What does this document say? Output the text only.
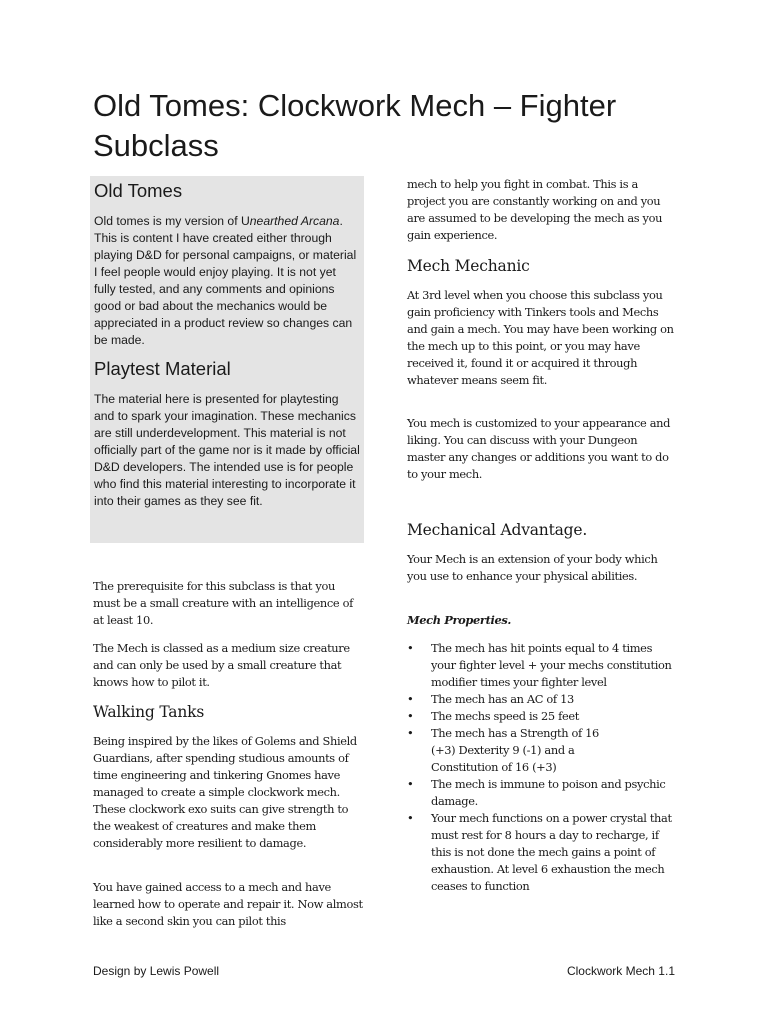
Old Tomes: Clockwork Mech – Fighter Subclass
Old Tomes

Old tomes is my version of Unearthed Arcana. This is content I have created either through playing D&D for personal campaigns, or material I feel people would enjoy playing. It is not yet fully tested, and any comments and opinions good or bad about the mechanics would be appreciated in a product review so changes can be made.

Playtest Material

The material here is presented for playtesting and to spark your imagination. These mechanics are still underdevelopment. This material is not officially part of the game nor is it made by official D&D developers. The intended use is for people who find this material interesting to incorporate it into their games as they see fit.

The prerequisite for this subclass is that you must be a small creature with an intelligence of at least 10.

The Mech is classed as a medium size creature and can only be used by a small creature that knows how to pilot it.

Walking Tanks

Being inspired by the likes of Golems and Shield Guardians, after spending studious amounts of time engineering and tinkering Gnomes have managed to create a simple clockwork mech. These clockwork exo suits can give strength to the weakest of creatures and make them considerably more resilient to damage.

You have gained access to a mech and have learned how to operate and repair it. Now almost like a second skin you can pilot this

mech to help you fight in combat. This is a project you are constantly working on and you are assumed to be developing the mech as you gain experience.

Mech Mechanic

At 3rd level when you choose this subclass you gain proficiency with Tinkers tools and Mechs and gain a mech. You may have been working on the mech up to this point, or you may have received it, found it or acquired it through whatever means seem fit.

You mech is customized to your appearance and liking. You can discuss with your Dungeon master any changes or additions you want to do to your mech.

Mechanical Advantage.

Your Mech is an extension of your body which you use to enhance your physical abilities.

Mech Properties.

• The mech has hit points equal to 4 times your fighter level + your mechs constitution modifier times your fighter level
• The mech has an AC of 13
• The mechs speed is 25 feet
• The mech has a Strength of 16 (+3) Dexterity 9 (-1) and a Constitution of 16 (+3)
• The mech is immune to poison and psychic damage.
• Your mech functions on a power crystal that must rest for 8 hours a day to recharge, if this is not done the mech gains a point of exhaustion. At level 6 exhaustion the mech ceases to function
Design by Lewis Powell	Clockwork Mech 1.1
